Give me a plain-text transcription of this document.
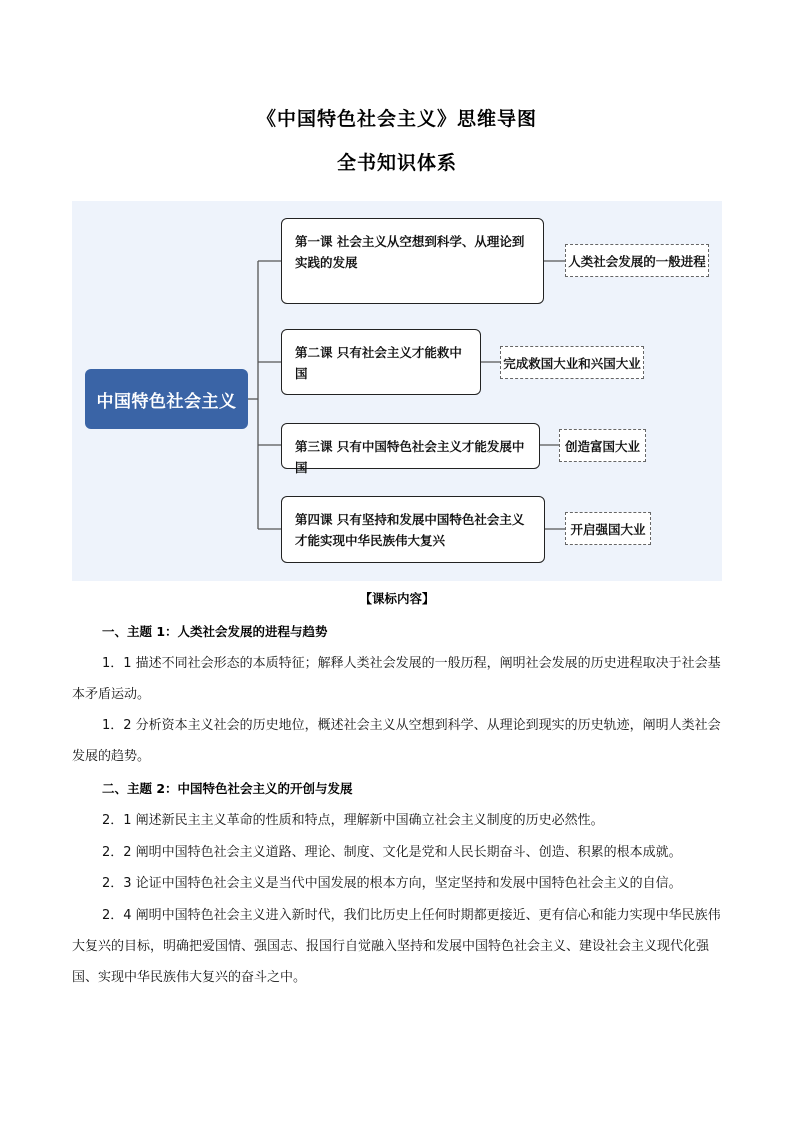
《中国特色社会主义》思维导图
全书知识体系
中国特色社会主义
第一课 社会主义从空想到科学、从理论到实践的发展	人类社会发展的一般进程
第二课 只有社会主义才能救中国
完成救国大业和兴国大业
第三课 只有中国特色社会主义才能发展中国
创造富国大业
第四课 只有坚持和发展中国特色社会主义才能实现中华民族伟大复兴
开启强国大业
【课标内容】
一、主题 1：人类社会发展的进程与趋势
1．1 描述不同社会形态的本质特征；解释人类社会发展的一般历程，阐明社会发展的历史进程取决于社会基本矛盾运动。
1．2 分析资本主义社会的历史地位，概述社会主义从空想到科学、从理论到现实的历史轨迹，阐明人类社会发展的趋势。
二、主题 2：中国特色社会主义的开创与发展
2．1 阐述新民主主义革命的性质和特点，理解新中国确立社会主义制度的历史必然性。
2．2 阐明中国特色社会主义道路、理论、制度、文化是党和人民长期奋斗、创造、积累的根本成就。
2．3 论证中国特色社会主义是当代中国发展的根本方向，坚定坚持和发展中国特色社会主义的自信。
2．4 阐明中国特色社会主义进入新时代，我们比历史上任何时期都更接近、更有信心和能力实现中华民族伟大复兴的目标，明确把爱国情、强国志、报国行自觉融入坚持和发展中国特色社会主义、建设社会主义现代化强国、实现中华民族伟大复兴的奋斗之中。
